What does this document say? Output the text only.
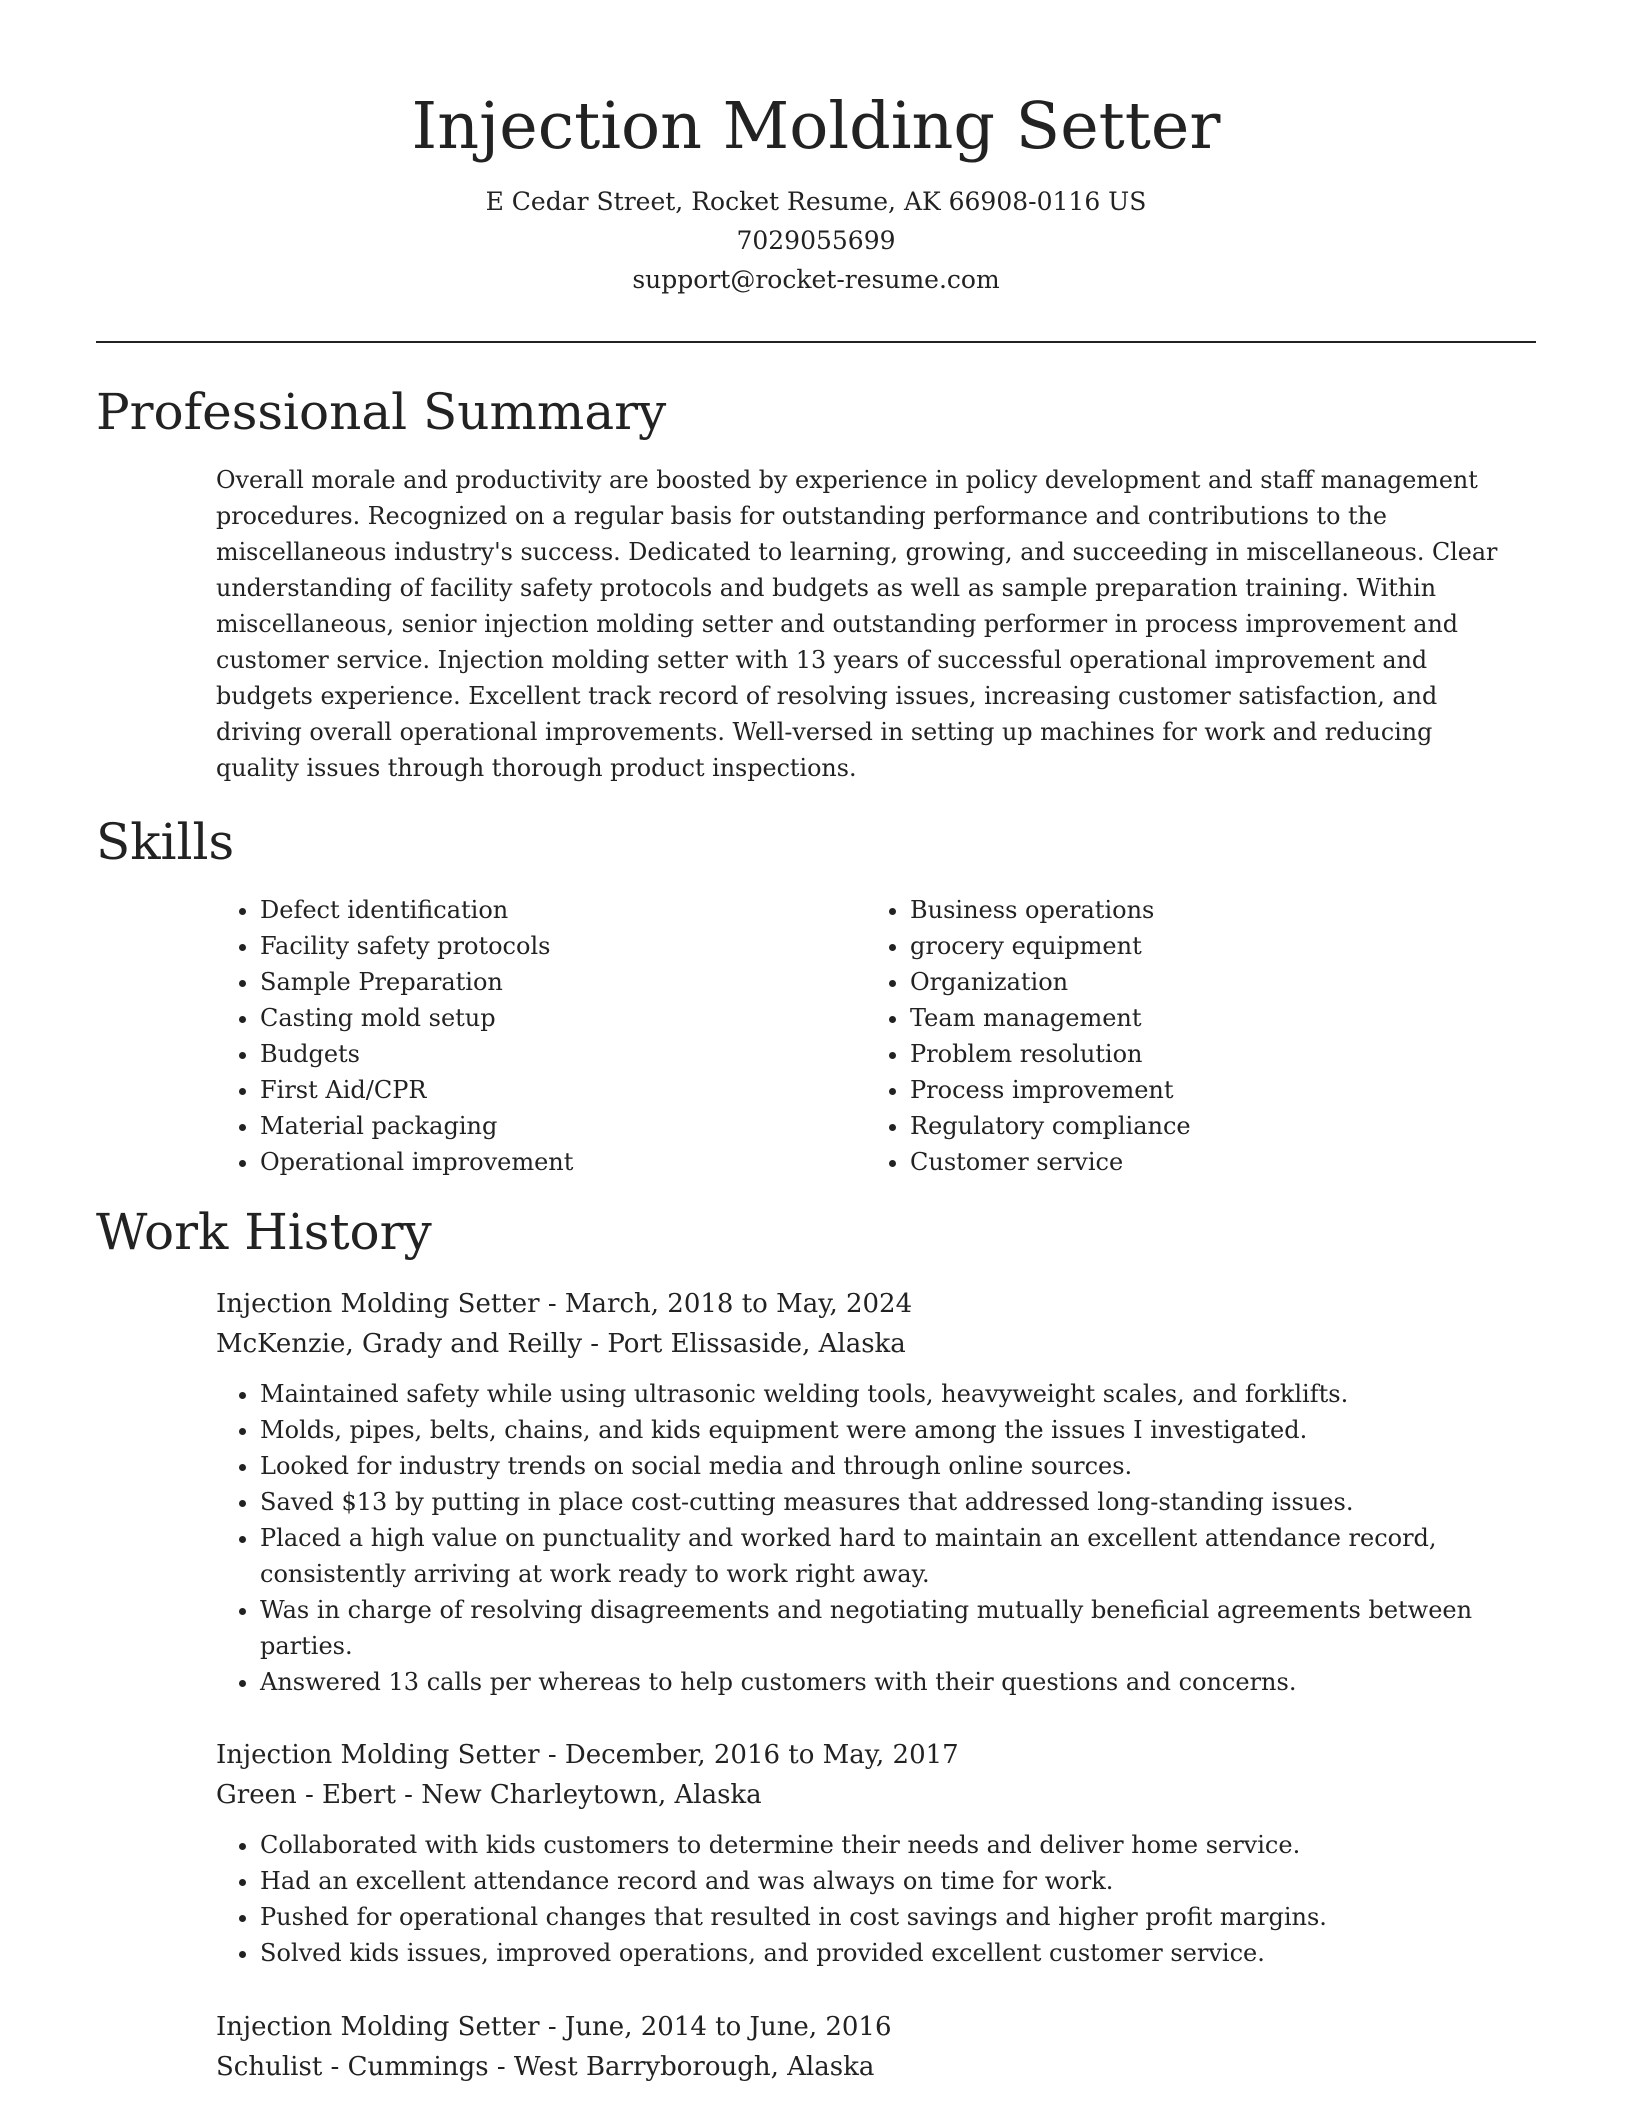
Injection Molding Setter
E Cedar Street, Rocket Resume, AK 66908-0116 US
7029055699
support@rocket-resume.com
Professional Summary

Overall morale and productivity are boosted by experience in policy development and staff management procedures. Recognized on a regular basis for outstanding performance and contributions to the miscellaneous industry's success. Dedicated to learning, growing, and succeeding in miscellaneous. Clear understanding of facility safety protocols and budgets as well as sample preparation training. Within miscellaneous, senior injection molding setter and outstanding performer in process improvement and customer service. Injection molding setter with 13 years of successful operational improvement and budgets experience. Excellent track record of resolving issues, increasing customer satisfaction, and driving overall operational improvements. Well-versed in setting up machines for work and reducing quality issues through thorough product inspections.

Skills
• Defect identification
• Facility safety protocols
• Sample Preparation
• Casting mold setup
• Budgets
• First Aid/CPR
• Material packaging
• Operational improvement
• Business operations
• grocery equipment
• Organization
• Team management
• Problem resolution
• Process improvement
• Regulatory compliance
• Customer service
Work History

Injection Molding Setter - March, 2018 to May, 2024

McKenzie, Grady and Reilly - Port Elissaside, Alaska

• Maintained safety while using ultrasonic welding tools, heavyweight scales, and forklifts.
• Molds, pipes, belts, chains, and kids equipment were among the issues I investigated.
• Looked for industry trends on social media and through online sources.
• Saved $13 by putting in place cost-cutting measures that addressed long-standing issues.
• Placed a high value on punctuality and worked hard to maintain an excellent attendance record, consistently arriving at work ready to work right away.
• Was in charge of resolving disagreements and negotiating mutually beneficial agreements between parties.
• Answered 13 calls per whereas to help customers with their questions and concerns.

Injection Molding Setter - December, 2016 to May, 2017

Green - Ebert - New Charleytown, Alaska

• Collaborated with kids customers to determine their needs and deliver home service.
• Had an excellent attendance record and was always on time for work.
• Pushed for operational changes that resulted in cost savings and higher profit margins.
• Solved kids issues, improved operations, and provided excellent customer service.

Injection Molding Setter - June, 2014 to June, 2016

Schulist - Cummings - West Barryborough, Alaska
